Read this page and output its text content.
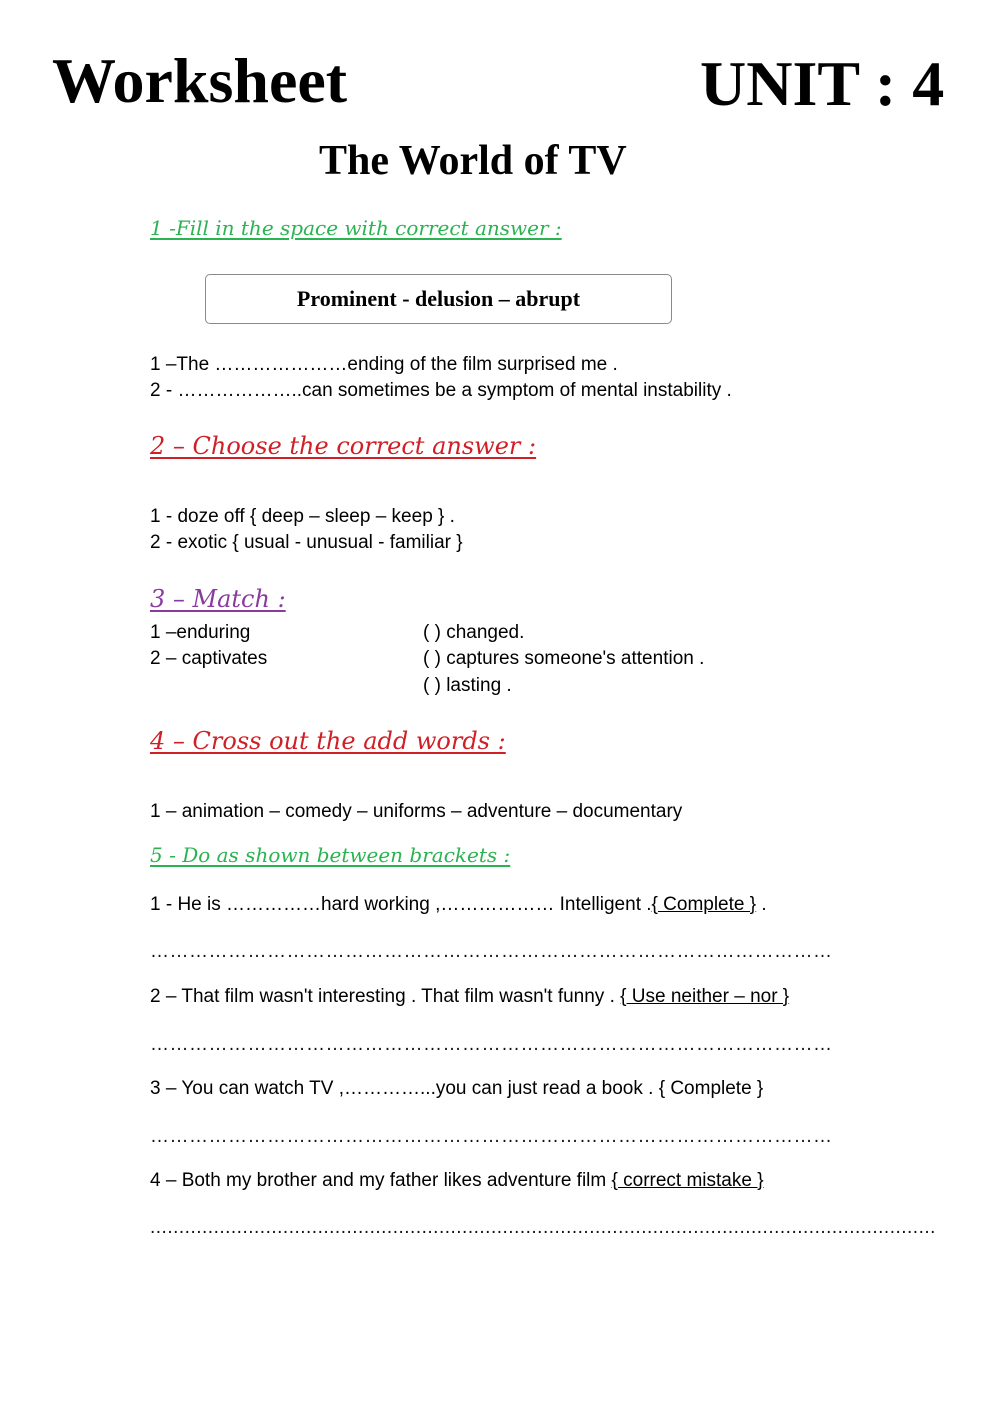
Worksheet	UNIT : 4
The World of TV
1 -Fill in the space with correct answer :
Prominent - delusion – abrupt
1 –The …………………ending of the film surprised me .
2 - ………………..can sometimes be a symptom of mental instability .
2 – Choose the correct answer :
1 - doze off { deep – sleep – keep } .
2 - exotic { usual - unusual - familiar }
3 – Match :
1 –enduring
2 – captivates
( ) changed.
( ) captures someone's attention .
( ) lasting .
4 – Cross out the add words :
1 – animation – comedy – uniforms – adventure – documentary
5 - Do as shown between brackets :
1 - He is ……………hard working ,……………… Intelligent .{ Complete } .
……………………………………………………………………………………………
2 – That film wasn't interesting . That film wasn't funny . { Use neither – nor }
……………………………………………………………………………………………
3 – You can watch TV ,…………...you can just read a book . { Complete }
……………………………………………………………………………………………
4 – Both my brother and my father likes adventure film { correct mistake }
........................................................................................................................................
